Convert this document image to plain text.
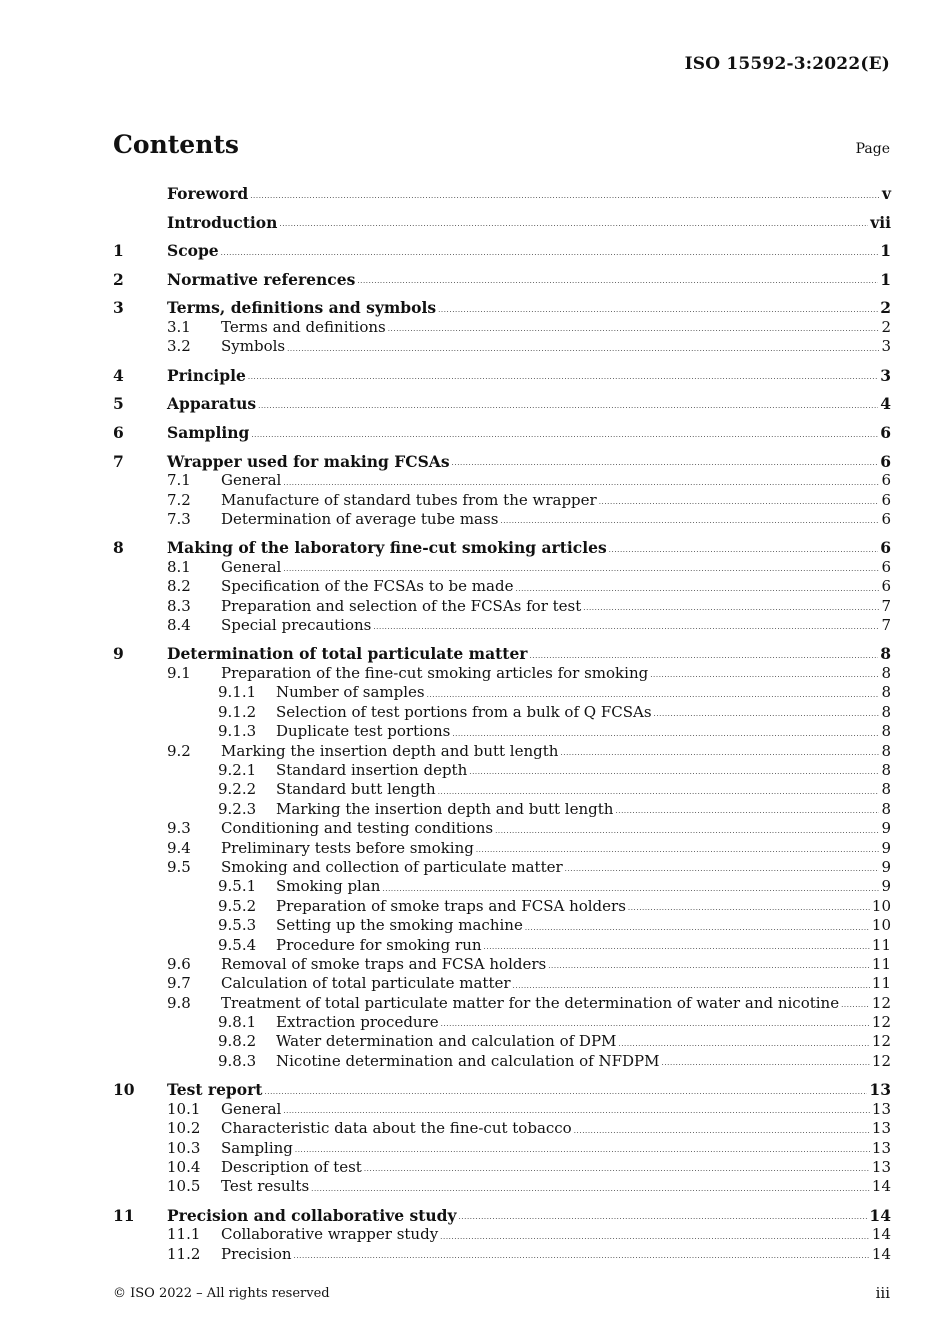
ISO 15592-3:2022(E)
Contents	Page
Foreword .....	v
Introduction .....	vii
1	Scope .....	1
2	Normative references .....	1
3	Terms, definitions and symbols .....	2
3.1	Terms and definitions .....	2
3.2	Symbols .....	3
4	Principle .....	3
5	Apparatus .....	4
6	Sampling .....	6
7	Wrapper used for making FCSAs .....	6
7.1	General .....	6
7.2	Manufacture of standard tubes from the wrapper .....	6
7.3	Determination of average tube mass .....	6
8	Making of the laboratory fine-cut smoking articles .....	6
8.1	General .....	6
8.2	Specification of the FCSAs to be made .....	6
8.3	Preparation and selection of the FCSAs for test .....	7
8.4	Special precautions .....	7
9	Determination of total particulate matter .....	8
9.1	Preparation of the fine-cut smoking articles for smoking .....	8
9.1.1	Number of samples .....	8
9.1.2	Selection of test portions from a bulk of Q FCSAs .....	8
9.1.3	Duplicate test portions .....	8
9.2	Marking the insertion depth and butt length .....	8
9.2.1	Standard insertion depth .....	8
9.2.2	Standard butt length .....	8
9.2.3	Marking the insertion depth and butt length .....	8
9.3	Conditioning and testing conditions .....	9
9.4	Preliminary tests before smoking .....	9
9.5	Smoking and collection of particulate matter .....	9
9.5.1	Smoking plan .....	9
9.5.2	Preparation of smoke traps and FCSA holders .....	10
9.5.3	Setting up the smoking machine .....	10
9.5.4	Procedure for smoking run .....	11
9.6	Removal of smoke traps and FCSA holders .....	11
9.7	Calculation of total particulate matter .....	11
9.8	Treatment of total particulate matter for the determination of water and nicotine ..... 12
9.8.1	Extraction procedure .....	12
9.8.2	Water determination and calculation of DPM .....	12
9.8.3	Nicotine determination and calculation of NFDPM .....	12
10	Test report .....	13
10.1	General .....	13
10.2	Characteristic data about the fine-cut tobacco .....	13
10.3	Sampling .....	13
10.4	Description of test .....	13
10.5	Test results .....	14
11	Precision and collaborative study .....	14
11.1	Collaborative wrapper study .....	14
11.2	Precision .....	14
© ISO 2022 – All rights reserved	iii
